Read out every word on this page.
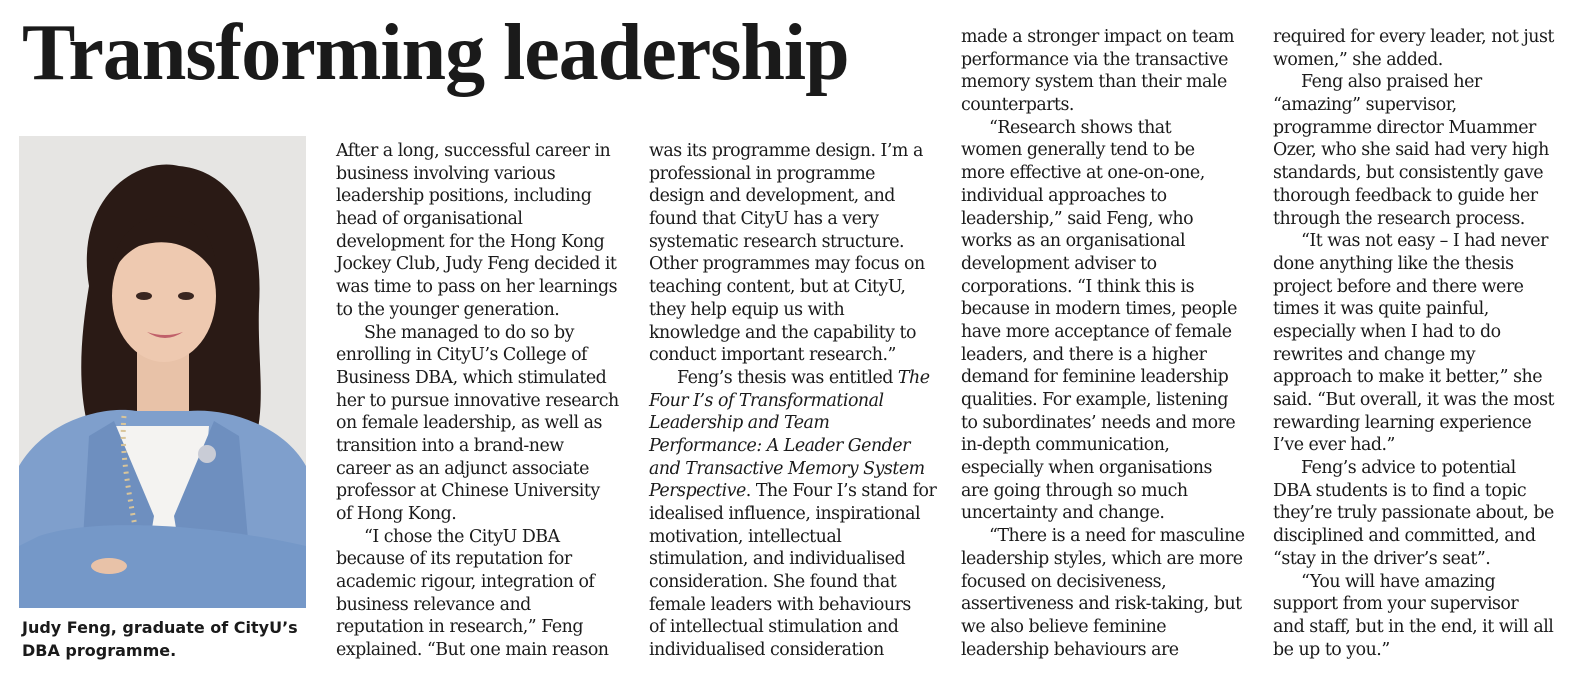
Transforming leadership
Judy Feng, graduate of CityU’s
DBA programme.
After a long, successful career in
business involving various
leadership positions, including
head of organisational
development for the Hong Kong
Jockey Club, Judy Feng decided it
was time to pass on her learnings
to the younger generation.
She managed to do so by
enrolling in CityU’s College of
Business DBA, which stimulated
her to pursue innovative research
on female leadership, as well as
transition into a brand-new
career as an adjunct associate
professor at Chinese University
of Hong Kong.
“I chose the CityU DBA
because of its reputation for
academic rigour, integration of
business relevance and
reputation in research,” Feng
explained. “But one main reason
was its programme design. I’m a
professional in programme
design and development, and
found that CityU has a very
systematic research structure.
Other programmes may focus on
teaching content, but at CityU,
they help equip us with
knowledge and the capability to
conduct important research.”
Feng’s thesis was entitled The
Four I’s of Transformational
Leadership and Team
Performance: A Leader Gender
and Transactive Memory System
Perspective. The Four I’s stand for
idealised influence, inspirational
motivation, intellectual
stimulation, and individualised
consideration. She found that
female leaders with behaviours
of intellectual stimulation and
individualised consideration
made a stronger impact on team
performance via the transactive
memory system than their male
counterparts.
“Research shows that
women generally tend to be
more effective at one-on-one,
individual approaches to
leadership,” said Feng, who
works as an organisational
development adviser to
corporations. “I think this is
because in modern times, people
have more acceptance of female
leaders, and there is a higher
demand for feminine leadership
qualities. For example, listening
to subordinates’ needs and more
in-depth communication,
especially when organisations
are going through so much
uncertainty and change.
“There is a need for masculine
leadership styles, which are more
focused on decisiveness,
assertiveness and risk-taking, but
we also believe feminine
leadership behaviours are
required for every leader, not just
women,” she added.
Feng also praised her
“amazing” supervisor,
programme director Muammer
Ozer, who she said had very high
standards, but consistently gave
thorough feedback to guide her
through the research process.
“It was not easy – I had never
done anything like the thesis
project before and there were
times it was quite painful,
especially when I had to do
rewrites and change my
approach to make it better,” she
said. “But overall, it was the most
rewarding learning experience
I’ve ever had.”
Feng’s advice to potential
DBA students is to find a topic
they’re truly passionate about, be
disciplined and committed, and
“stay in the driver’s seat”.
“You will have amazing
support from your supervisor
and staff, but in the end, it will all
be up to you.”
